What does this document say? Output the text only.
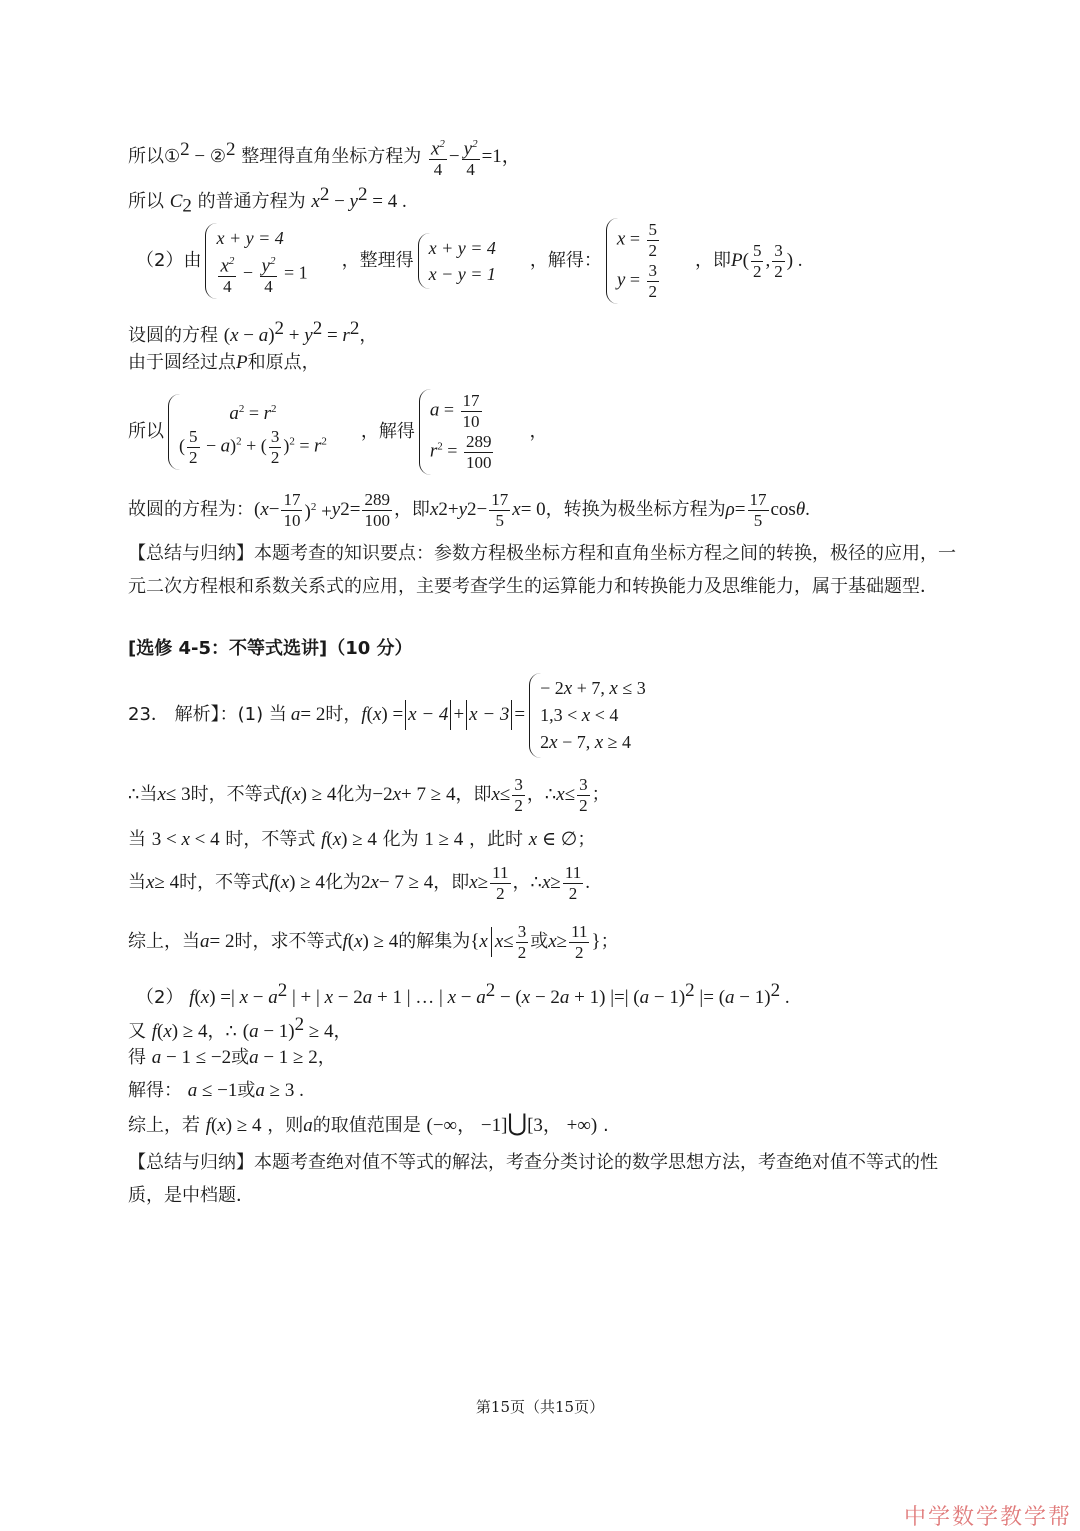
所以①$^2$ − ②$^2$ 整理得直角坐标方程为 $\frac{x^2}{4} - \frac{y^2}{4} =1$，
所以 $C_2$ 的普通方程为 $x^2 - y^2 = 4$ .
（2）由
x + y = 4
$\frac{x^2}{4} - \frac{y^2}{4} = 1$
，整理得
x + y = 4
x − y = 1
，解得：
$x = \frac{5}{2}$
$y = \frac{3}{2}$
，即 P ( $\frac{5}{2}$ , $\frac{3}{2}$ ) .
设圆的方程 $(x - a)^2 + y^2 = r^2$，
由于圆经过点P和原点，
所以
$a^2 = r^2$
( $\frac{5}{2} - a)^2$ + ( $\frac{3}{2} )^2 = r^2$ ，解得
$a = \frac{17}{10}$
$r^2 = \frac{289}{100}$
，
故圆的方程为： ( $x - \frac{17}{10} )^2 + y$ $2 = \frac{289}{100}$ ，即 x 2 + y $2 - \frac{17}{5}$ x = 0 ，转换为极坐标方程为 $\rho = \frac{17}{5}$ cos θ .
【总结与归纳】本题考查的知识要点：参数方程极坐标方程和直角坐标方程之间的转换，极径的应用，一元二次方程根和系数关系式的应用，主要考查学生的运算能力和转换能力及思维能力，属于基础题型．
[选修 4-5：不等式选讲]（10 分）
23． 解析】：(1) 当 a = 2 时， f ( x ) = x − 4 + x − 3 =
− 2x + 7, x ≤ 3
1,3 < x < 4
2x − 7, x ≥ 4
∴当 x ≤ 3 时，不等式 f ( x ) ≥ 4 化为 −2 x + 7 ≥ 4 ，即 $x \le \frac{3}{2}$ ，∴ $x \le \frac{3}{2}$ ；
当 3 < x < 4 时，不等式 f(x) ≥ 4 化为 1 ≥ 4 ，此时 x ∈ ∅；
当 x ≥ 4 时，不等式 f ( x ) ≥ 4 化为 2 x − 7 ≥ 4 ，即 $x \ge \frac{11}{2}$ ，∴ $x \ge \frac{11}{2}$ .
综上，当 a = 2 时，求不等式 f ( x ) ≥ 4 的解集为 { x $x \le \frac{3}{2}$ 或 $x \ge \frac{11}{2}$ } ；
（2） f(x) =| $x - a^2$ | + | x − 2a + 1 | … | $x - a^2 - (x - 2a + 1)$ |=| $(a - 1)^2$ |= $(a - 1)^2$ .
又 f(x) ≥ 4，∴ $(a - 1)^2 \ge 4$，
得 a − 1 ≤ −2或a − 1 ≥ 2，
解得： a ≤ −1或a ≥ 3 .
综上，若 f(x) ≥ 4 ，则a的取值范围是 (−∞， −1]⋃[3， +∞) .
【总结与归纳】本题考查绝对值不等式的解法，考查分类讨论的数学思想方法，考查绝对值不等式的性质，是中档题．
第15页（共15页）
中学数学教学帮
